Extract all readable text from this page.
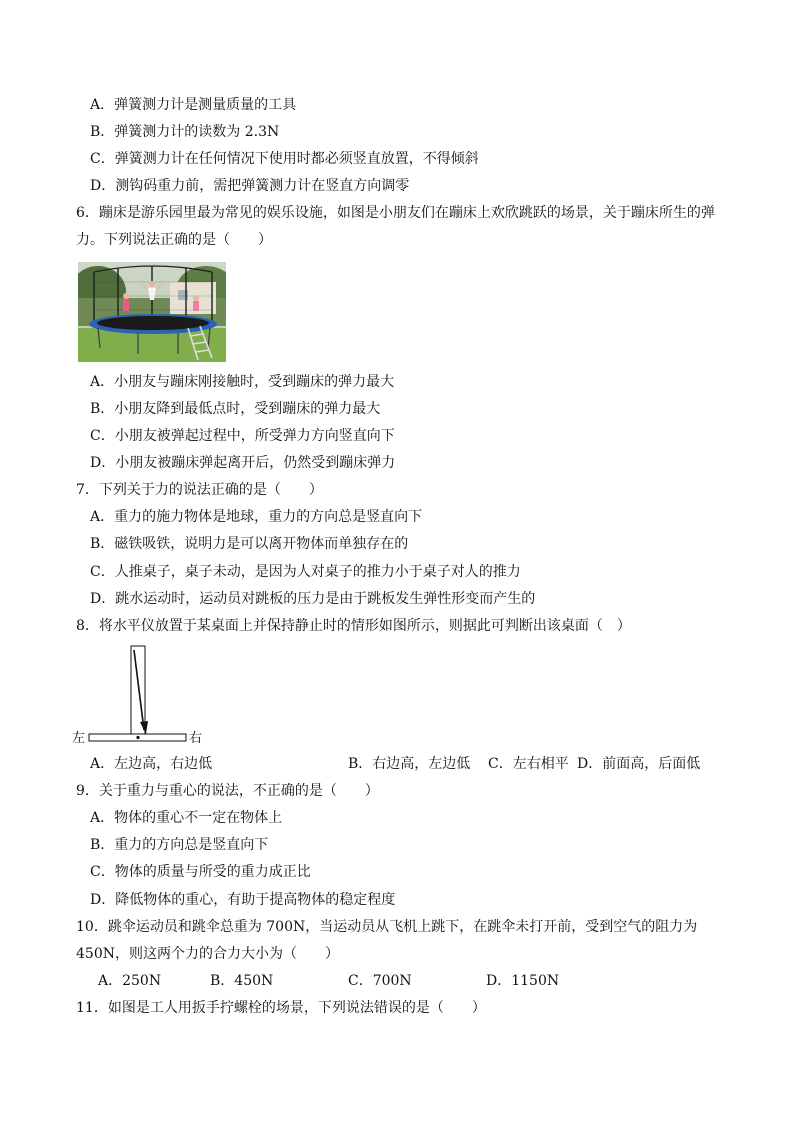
A．弹簧测力计是测量质量的工具
B．弹簧测力计的读数为 2.3N
C．弹簧测力计在任何情况下使用时都必须竖直放置，不得倾斜
D．测钩码重力前，需把弹簧测力计在竖直方向调零
6．蹦床是游乐园里最为常见的娱乐设施，如图是小朋友们在蹦床上欢欣跳跃的场景，关于蹦床所生的弹
力。下列说法正确的是（　　）
A．小朋友与蹦床刚接触时，受到蹦床的弹力最大
B．小朋友降到最低点时，受到蹦床的弹力最大
C．小朋友被弹起过程中，所受弹力方向竖直向下
D．小朋友被蹦床弹起离开后，仍然受到蹦床弹力
7．下列关于力的说法正确的是（　　）
A．重力的施力物体是地球，重力的方向总是竖直向下
B．磁铁吸铁，说明力是可以离开物体而单独存在的
C．人推桌子，桌子未动，是因为人对桌子的推力小于桌子对人的推力
D．跳水运动时，运动员对跳板的压力是由于跳板发生弹性形变而产生的
8．将水平仪放置于某桌面上并保持静止时的情形如图所示，则据此可判断出该桌面（　）
左	右
A．左边高，右边低	B．右边高，左边低 C．左右相平 D．前面高，后面低
9．关于重力与重心的说法，不正确的是（　　）
A．物体的重心不一定在物体上
B．重力的方向总是竖直向下
C．物体的质量与所受的重力成正比
D．降低物体的重心，有助于提高物体的稳定程度
10．跳伞运动员和跳伞总重为 700N，当运动员从飞机上跳下，在跳伞未打开前，受到空气的阻力为
450N，则这两个力的合力大小为（　　）
A．250N	B．450N	C．700N	D．1150N
11．如图是工人用扳手拧螺栓的场景，下列说法错误的是（　　）
